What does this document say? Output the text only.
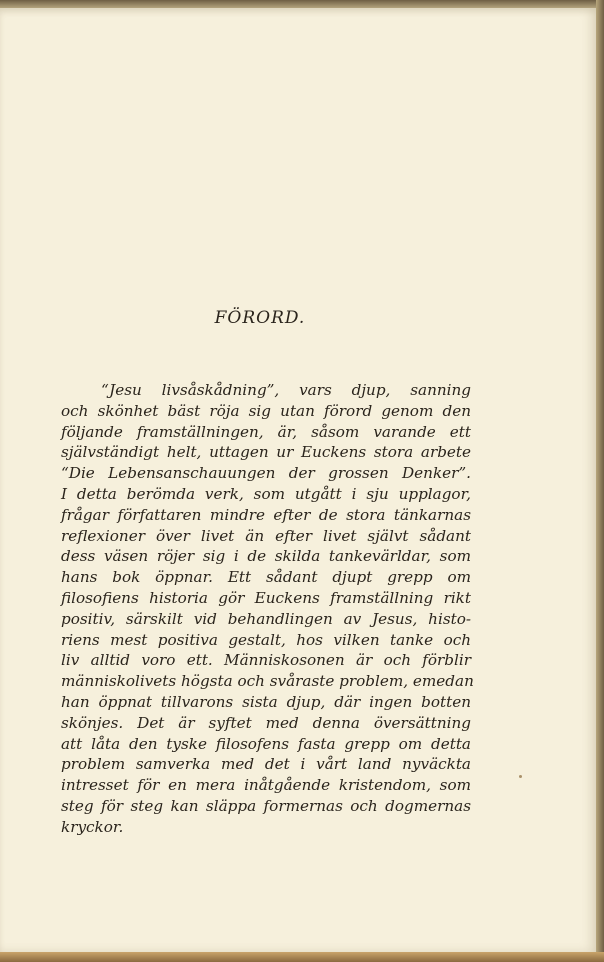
FÖRORD.
“Jesu livsåskådning”, vars djup, sanning
och skönhet bäst röja sig utan förord genom den
följande framställningen, är, såsom varande ett
självständigt helt, uttagen ur Euckens stora arbete
“Die Lebensanschauungen der grossen Denker”.
I detta berömda verk, som utgått i sju upplagor,
frågar författaren mindre efter de stora tänkarnas
reflexioner över livet än efter livet självt sådant
dess väsen röjer sig i de skilda tankevärldar, som
hans bok öppnar. Ett sådant djupt grepp om
filosofiens historia gör Euckens framställning rikt
positiv, särskilt vid behandlingen av Jesus, histo-
riens mest positiva gestalt, hos vilken tanke och
liv alltid voro ett. Människosonen är och förblir
människolivets högsta och svåraste problem, emedan
han öppnat tillvarons sista djup, där ingen botten
skönjes. Det är syftet med denna översättning
att låta den tyske filosofens fasta grepp om detta
problem samverka med det i vårt land nyväckta
intresset för en mera inåtgående kristendom, som
steg för steg kan släppa formernas och dogmernas
kryckor.
